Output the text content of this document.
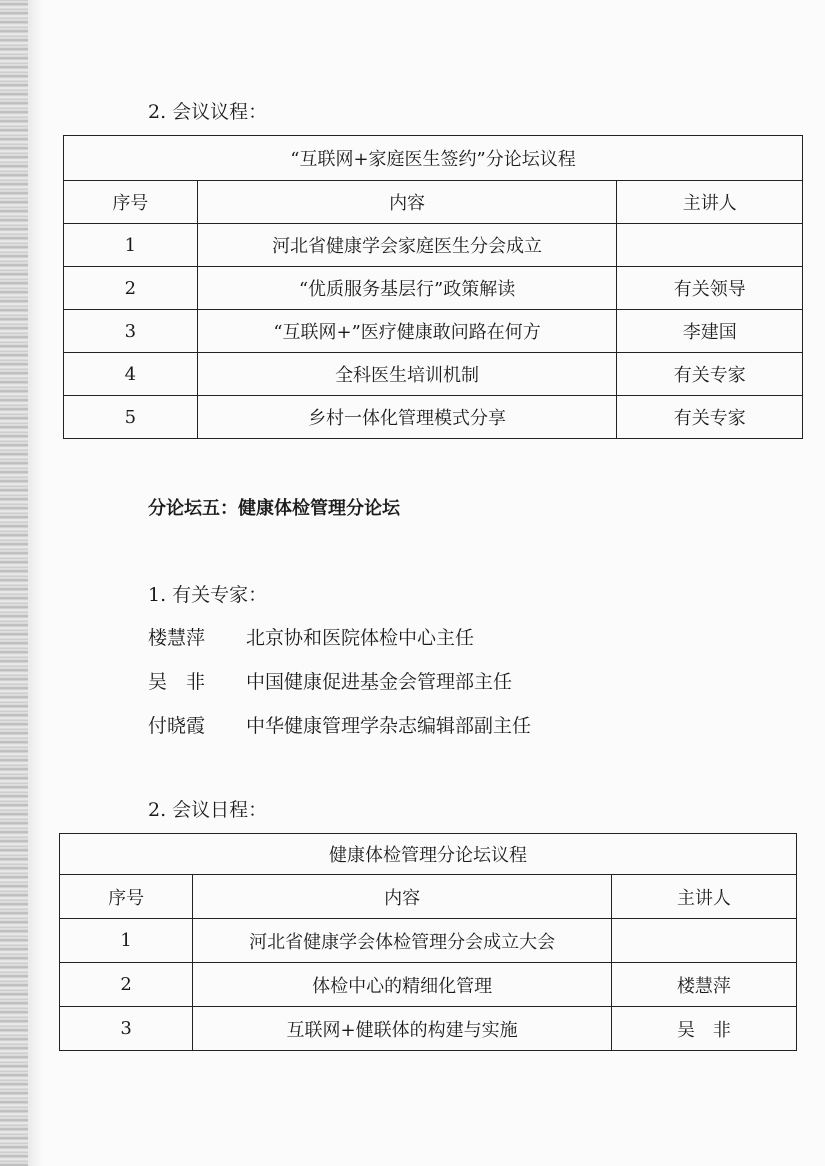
2. 会议议程：
“互联网+家庭医生签约”分论坛议程		
序号	内容	主讲人
1	河北省健康学会家庭医生分会成立	
2	“优质服务基层行”政策解读	有关领导
3	“互联网+”医疗健康敢问路在何方	李建国
4	全科医生培训机制	有关专家
5	乡村一体化管理模式分享	有关专家
分论坛五：健康体检管理分论坛
1. 有关专家：
楼慧萍 北京协和医院体检中心主任
吴　非 中国健康促进基金会管理部主任
付晓霞 中华健康管理学杂志编辑部副主任
2. 会议日程：
健康体检管理分论坛议程		
序号	内容	主讲人
1	河北省健康学会体检管理分会成立大会	
2	体检中心的精细化管理	楼慧萍
3	互联网+健联体的构建与实施	吴　非
